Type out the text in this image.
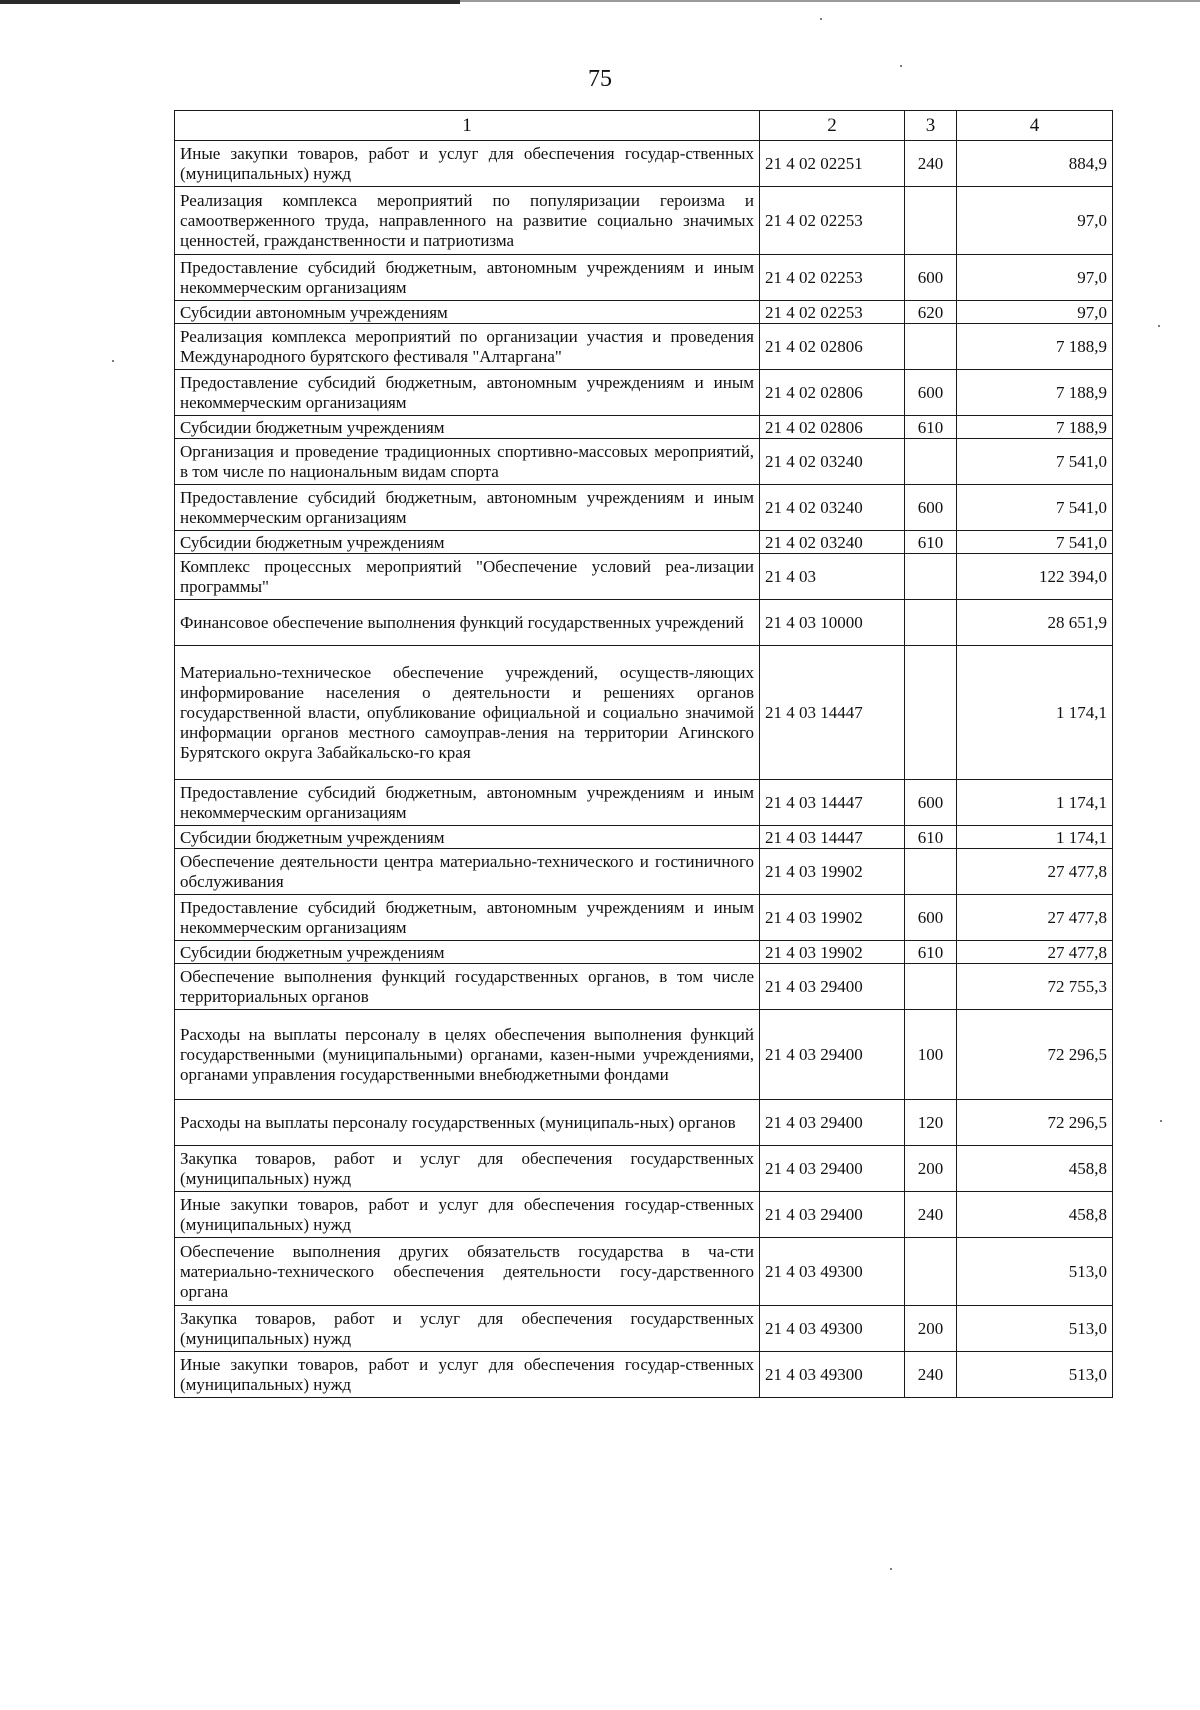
75
1	2	3	4
Иные закупки товаров, работ и услуг для обеспечения госудaр-ственных (муниципальных) нужд	21 4 02 02251	240	884,9
Реализация комплекса мероприятий по популяризации героизма и самоотверженного труда, направленного на развитие социально значимых ценностей, гражданственности и патриотизма	21 4 02 02253		97,0
Предоставление субсидий бюджетным, автономным учреждениям и иным некоммерческим организациям	21 4 02 02253	600	97,0
Субсидии автономным учреждениям	21 4 02 02253	620	97,0
Реализация комплекса мероприятий по организации участия и проведения Международного бурятского фестиваля "Алтаргана"	21 4 02 02806		7 188,9
Предоставление субсидий бюджетным, автономным учреждениям и иным некоммерческим организациям	21 4 02 02806	600	7 188,9
Субсидии бюджетным учреждениям	21 4 02 02806	610	7 188,9
Организация и проведение традиционных спортивно-массовых мероприятий, в том числе по национальным видам спорта	21 4 02 03240		7 541,0
Предоставление субсидий бюджетным, автономным учреждениям и иным некоммерческим организациям	21 4 02 03240	600	7 541,0
Субсидии бюджетным учреждениям	21 4 02 03240	610	7 541,0
Комплекс процессных мероприятий "Обеспечение условий реа-лизации программы"	21 4 03		122 394,0
Финансовое обеспечение выполнения функций государственных учреждений	21 4 03 10000		28 651,9
Материально-техническое обеспечение учреждений, осуществ-ляющих информирование населения о деятельности и решениях органов государственной власти, опубликование официальной и социально значимой информации органов местного самоуправ-ления на территории Агинского Бурятского округа Забайкальско-го края	21 4 03 14447		1 174,1
Предоставление субсидий бюджетным, автономным учреждениям и иным некоммерческим организациям	21 4 03 14447	600	1 174,1
Субсидии бюджетным учреждениям	21 4 03 14447	610	1 174,1
Обеспечение деятельности центра материально-технического и гостиничного обслуживания	21 4 03 19902		27 477,8
Предоставление субсидий бюджетным, автономным учреждениям и иным некоммерческим организациям	21 4 03 19902	600	27 477,8
Субсидии бюджетным учреждениям	21 4 03 19902	610	27 477,8
Обеспечение выполнения функций государственных органов, в том числе территориальных органов	21 4 03 29400		72 755,3
Расходы на выплаты персоналу в целях обеспечения выполнения функций государственными (муниципальными) органами, казен-ными учреждениями, органами управления государственными внебюджетными фондами	21 4 03 29400	100	72 296,5
Расходы на выплаты персоналу государственных (муниципаль-ных) органов	21 4 03 29400	120	72 296,5
Закупка товаров, работ и услуг для обеспечения государственных (муниципальных) нужд	21 4 03 29400	200	458,8
Иные закупки товаров, работ и услуг для обеспечения государ-ственных (муниципальных) нужд	21 4 03 29400	240	458,8
Обеспечение выполнения других обязательств государства в ча-сти материально-технического обеспечения деятельности госу-дарственного органа	21 4 03 49300		513,0
Закупка товаров, работ и услуг для обеспечения государственных (муниципальных) нужд	21 4 03 49300	200	513,0
Иные закупки товаров, работ и услуг для обеспечения государ-ственных (муниципальных) нужд	21 4 03 49300	240	513,0
